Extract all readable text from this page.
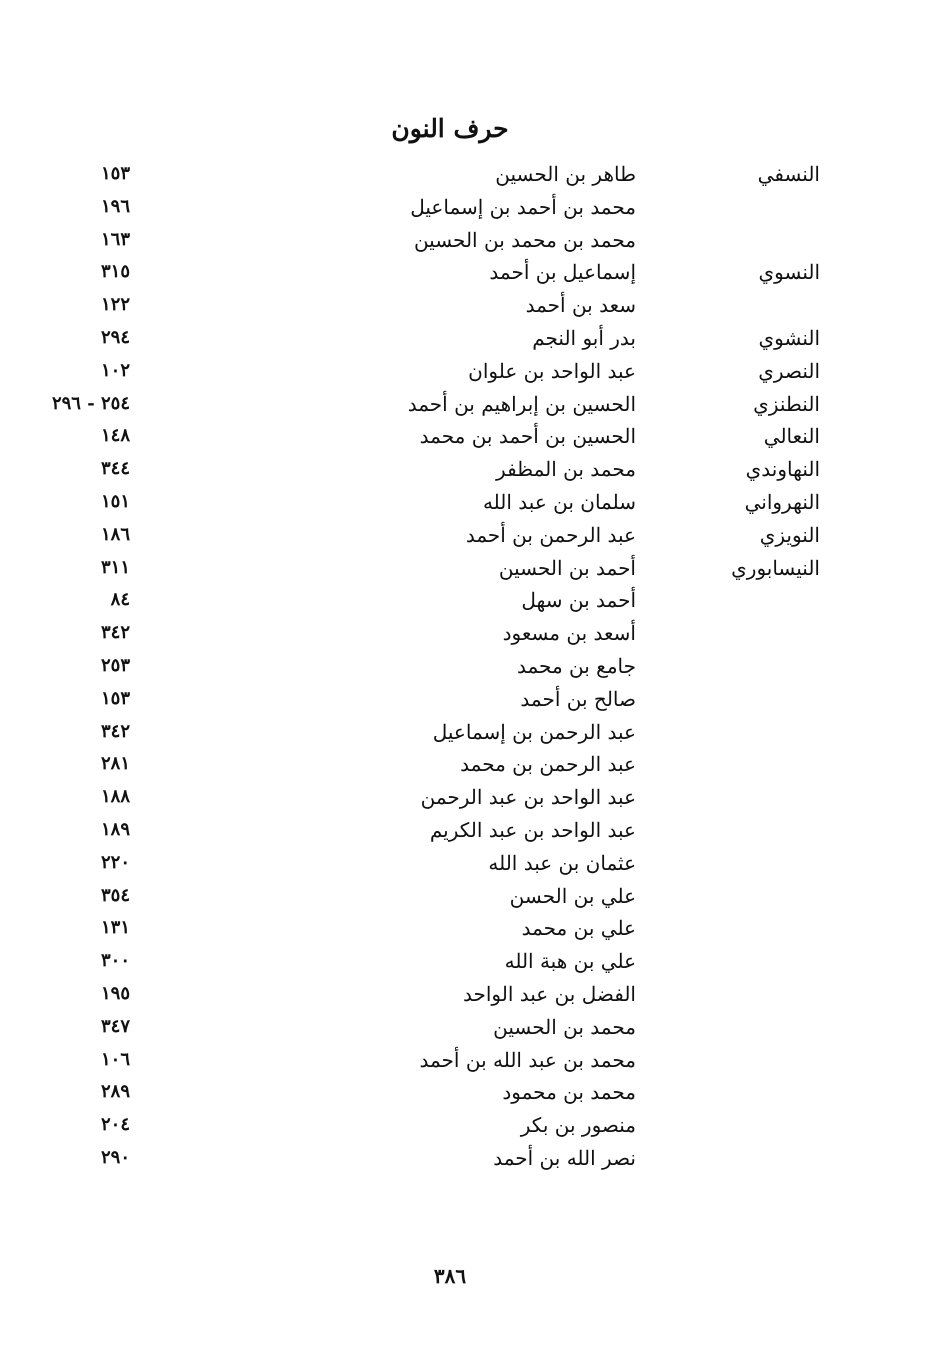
حرف النون
النسفي
طاهر بن الحسين
١٥٣
محمد بن أحمد بن إسماعيل
١٩٦
محمد بن محمد بن الحسين
١٦٣
النسوي
إسماعيل بن أحمد
٣١٥
سعد بن أحمد
١٢٢
النشوي
بدر أبو النجم
٢٩٤
النصري
عبد الواحد بن علوان
١٠٢
النطنزي
الحسين بن إبراهيم بن أحمد
٢٥٤ - ٢٩٦
النعالي
الحسين بن أحمد بن محمد
١٤٨
النهاوندي
محمد بن المظفر
٣٤٤
النهرواني
سلمان بن عبد الله
١٥١
النويزي
عبد الرحمن بن أحمد
١٨٦
النيسابوري
أحمد بن الحسين
٣١١
أحمد بن سهل
٨٤
أسعد بن مسعود
٣٤٢
جامع بن محمد
٢٥٣
صالح بن أحمد
١٥٣
عبد الرحمن بن إسماعيل
٣٤٢
عبد الرحمن بن محمد
٢٨١
عبد الواحد بن عبد الرحمن
١٨٨
عبد الواحد بن عبد الكريم
١٨٩
عثمان بن عبد الله
٢٢٠
علي بن الحسن
٣٥٤
علي بن محمد
١٣١
علي بن هبة الله
٣٠٠
الفضل بن عبد الواحد
١٩٥
محمد بن الحسين
٣٤٧
محمد بن عبد الله بن أحمد
١٠٦
محمد بن محمود
٢٨٩
منصور بن بكر
٢٠٤
نصر الله بن أحمد
٢٩٠
٣٨٦
